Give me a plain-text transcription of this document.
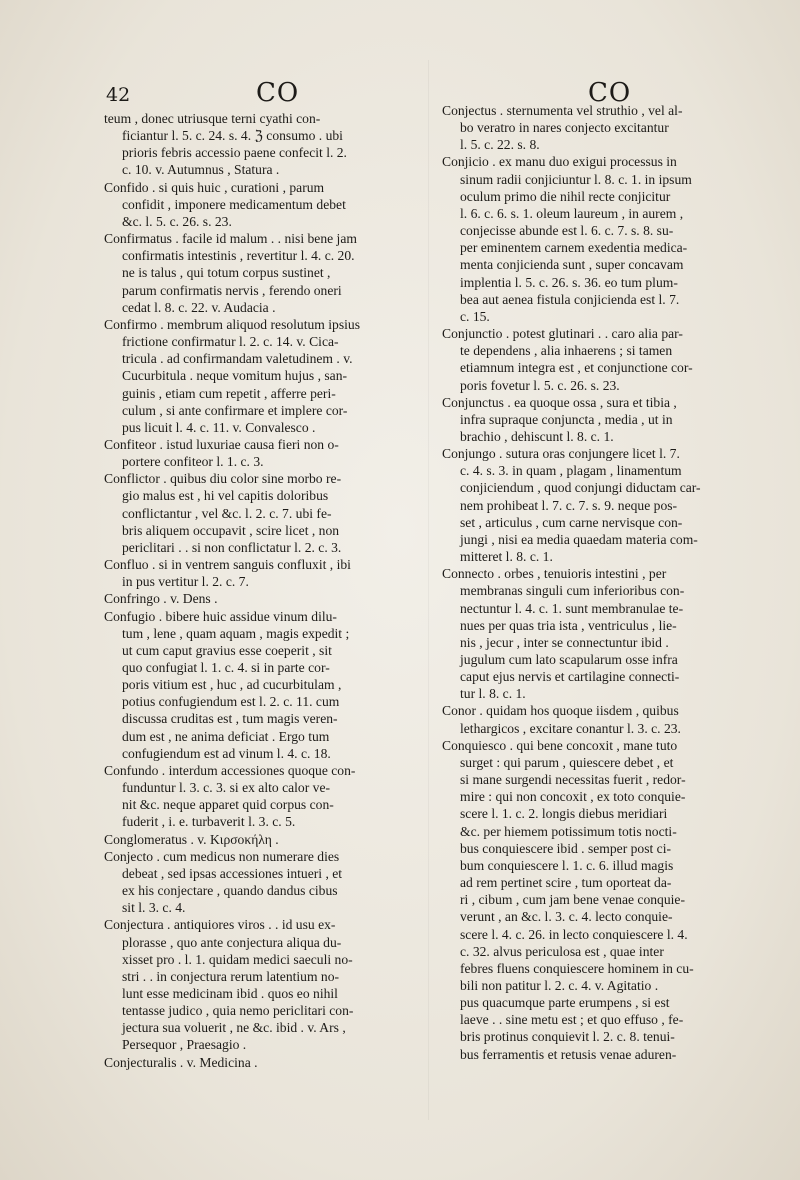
42	CO	CO
teum , donec utriusque terni cyathi con-
ficiantur l. 5. c. 24. s. 4. ℨ consumo . ubi
prioris febris accessio paene confecit l. 2.
c. 10. v. Autumnus , Statura .
Confido . si quis huic , curationi , parum
confidit , imponere medicamentum debet
&c. l. 5. c. 26. s. 23.
Confirmatus . facile id malum . . nisi bene jam
confirmatis intestinis , revertitur l. 4. c. 20.
ne is talus , qui totum corpus sustinet ,
parum confirmatis nervis , ferendo oneri
cedat l. 8. c. 22. v. Audacia .
Confirmo . membrum aliquod resolutum ipsius
frictione confirmatur l. 2. c. 14. v. Cica-
tricula . ad confirmandam valetudinem . v.
Cucurbitula . neque vomitum hujus , san-
guinis , etiam cum repetit , afferre peri-
culum , si ante confirmare et implere cor-
pus licuit l. 4. c. 11. v. Convalesco .
Confiteor . istud luxuriae causa fieri non o-
portere confiteor l. 1. c. 3.
Conflictor . quibus diu color sine morbo re-
gio malus est , hi vel capitis doloribus
conflictantur , vel &c. l. 2. c. 7. ubi fe-
bris aliquem occupavit , scire licet , non
periclitari . . si non conflictatur l. 2. c. 3.
Confluo . si in ventrem sanguis confluxit , ibi
in pus vertitur l. 2. c. 7.
Confringo . v. Dens .
Confugio . bibere huic assidue vinum dilu-
tum , lene , quam aquam , magis expedit ;
ut cum caput gravius esse coeperit , sit
quo confugiat l. 1. c. 4. si in parte cor-
poris vitium est , huc , ad cucurbitulam ,
potius confugiendum est l. 2. c. 11. cum
discussa cruditas est , tum magis veren-
dum est , ne anima deficiat . Ergo tum
confugiendum est ad vinum l. 4. c. 18.
Confundo . interdum accessiones quoque con-
funduntur l. 3. c. 3. si ex alto calor ve-
nit &c. neque apparet quid corpus con-
fuderit , i. e. turbaverit l. 3. c. 5.
Conglomeratus . v. Κιρσοκήλη .
Conjecto . cum medicus non numerare dies
debeat , sed ipsas accessiones intueri , et
ex his conjectare , quando dandus cibus
sit l. 3. c. 4.
Conjectura . antiquiores viros . . id usu ex-
plorasse , quo ante conjectura aliqua du-
xisset pro . l. 1. quidam medici saeculi no-
stri . . in conjectura rerum latentium no-
lunt esse medicinam ibid . quos eo nihil
tentasse judico , quia nemo periclitari con-
jectura sua voluerit , ne &c. ibid . v. Ars ,
Persequor , Praesagio .
Conjecturalis . v. Medicina .
Conjectus . sternumenta vel struthio , vel al-
bo veratro in nares conjecto excitantur
l. 5. c. 22. s. 8.
Conjicio . ex manu duo exigui processus in
sinum radii conjiciuntur l. 8. c. 1. in ipsum
oculum primo die nihil recte conjicitur
l. 6. c. 6. s. 1. oleum laureum , in aurem ,
conjecisse abunde est l. 6. c. 7. s. 8. su-
per eminentem carnem exedentia medica-
menta conjicienda sunt , super concavam
implentia l. 5. c. 26. s. 36. eo tum plum-
bea aut aenea fistula conjicienda est l. 7.
c. 15.
Conjunctio . potest glutinari . . caro alia par-
te dependens , alia inhaerens ; si tamen
etiamnum integra est , et conjunctione cor-
poris fovetur l. 5. c. 26. s. 23.
Conjunctus . ea quoque ossa , sura et tibia ,
infra supraque conjuncta , media , ut in
brachio , dehiscunt l. 8. c. 1.
Conjungo . sutura oras conjungere licet l. 7.
c. 4. s. 3. in quam , plagam , linamentum
conjiciendum , quod conjungi diductam car-
nem prohibeat l. 7. c. 7. s. 9. neque pos-
set , articulus , cum carne nervisque con-
jungi , nisi ea media quaedam materia com-
mitteret l. 8. c. 1.
Connecto . orbes , tenuioris intestini , per
membranas singuli cum inferioribus con-
nectuntur l. 4. c. 1. sunt membranulae te-
nues per quas tria ista , ventriculus , lie-
nis , jecur , inter se connectuntur ibid .
jugulum cum lato scapularum osse infra
caput ejus nervis et cartilagine connecti-
tur l. 8. c. 1.
Conor . quidam hos quoque iisdem , quibus
lethargicos , excitare conantur l. 3. c. 23.
Conquiesco . qui bene concoxit , mane tuto
surget : qui parum , quiescere debet , et
si mane surgendi necessitas fuerit , redor-
mire : qui non concoxit , ex toto conquie-
scere l. 1. c. 2. longis diebus meridiari
&c. per hiemem potissimum totis nocti-
bus conquiescere ibid . semper post ci-
bum conquiescere l. 1. c. 6. illud magis
ad rem pertinet scire , tum oporteat da-
ri , cibum , cum jam bene venae conquie-
verunt , an &c. l. 3. c. 4. lecto conquie-
scere l. 4. c. 26. in lecto conquiescere l. 4.
c. 32. alvus periculosa est , quae inter
febres fluens conquiescere hominem in cu-
bili non patitur l. 2. c. 4. v. Agitatio .
pus quacumque parte erumpens , si est
laeve . . sine metu est ; et quo effuso , fe-
bris protinus conquievit l. 2. c. 8. tenui-
bus ferramentis et retusis venae aduren-
